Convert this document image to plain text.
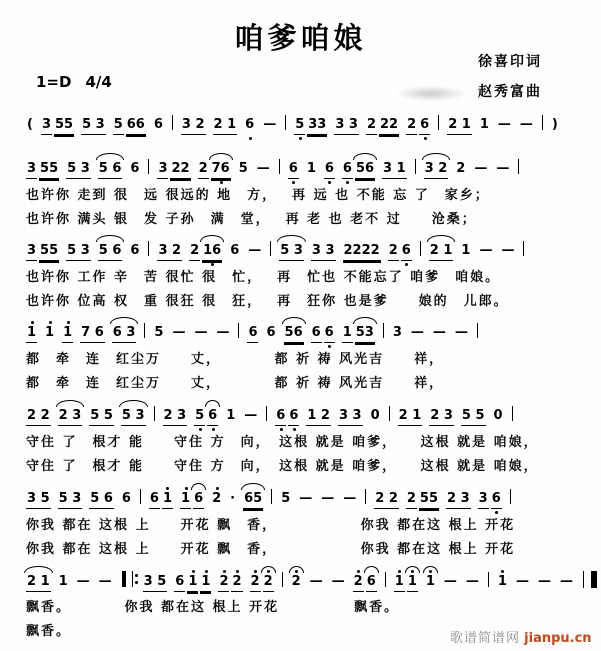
咱爹咱娘
徐喜印词
赵秀富曲
1=D 4/4
( 3 55 5 3 5 66 6 3 2 2 1 6 — 5 33 3 3 2 22 2 6 2 1 1 — — )
3 55 5 3 5 6 6 3 22 2 76 5 — 6 1 6 6 56 3 1 3 2 2 — —
也许你 走到 很　远 很远的 地　方，　 再 远 也 不能 忘 了　家乡；
也许你 满头 银　发 子孙　满　堂，　 再 老 也 老不 过　　沧桑；
3 55 5 3 5 6 6 3 2 2 16 6 — 5 3 3 3 2222 2 6 2 1 1 — —
也许你 工作 辛　苦 很忙 很　忙，　 再　忙也 不能忘了 咱爹　咱娘。
也许你 位高 权　重 很狂 很　狂，　 再　狂你 也是爹　　娘的　儿郎。
1 1 1 7 6 6 3 5 — — — 6 6 56 6 6 1 53 3 — — —
都　牵　连　红尘万　　丈，　　　　都 祈 祷 风光吉　　祥，
都　牵　连　红尘万　　丈，　　　　都 祈 祷 风光吉　　祥，
2 2 2 3 5 5 5 3 2 3 5 6 1 — 6 6 1 2 3 3 0 2 1 2 3 5 5 0
守住 了　根才 能　　守住 方　向，　这根 就是 咱爹，　　这根 就是 咱娘，
守住 了　根才 能　　守住 方　向，　这根 就是 咱爹，　　这根 就是 咱娘，
3 5 5 3 5 6 6 6 1 1 6 2 · 65 5 — — — 2 2 2 55 2 3 3 6
你我 都在 这根 上　　开花 飘　香，　　　　　　你我 都在这 根上 开花
你我 都在 这根 上　　开花 飘　香，　　　　　　你我 都在这 根上 开花
2 1 1 — — 3 5 6 1 1 2 2 2 2 2 — — 2 6 1 1 1 — — 1 — — —
飘香。　　　　你我 都在这 根上 开花　　　　　飘香。
飘香。	歌谱简谱网 jianpu.cn
